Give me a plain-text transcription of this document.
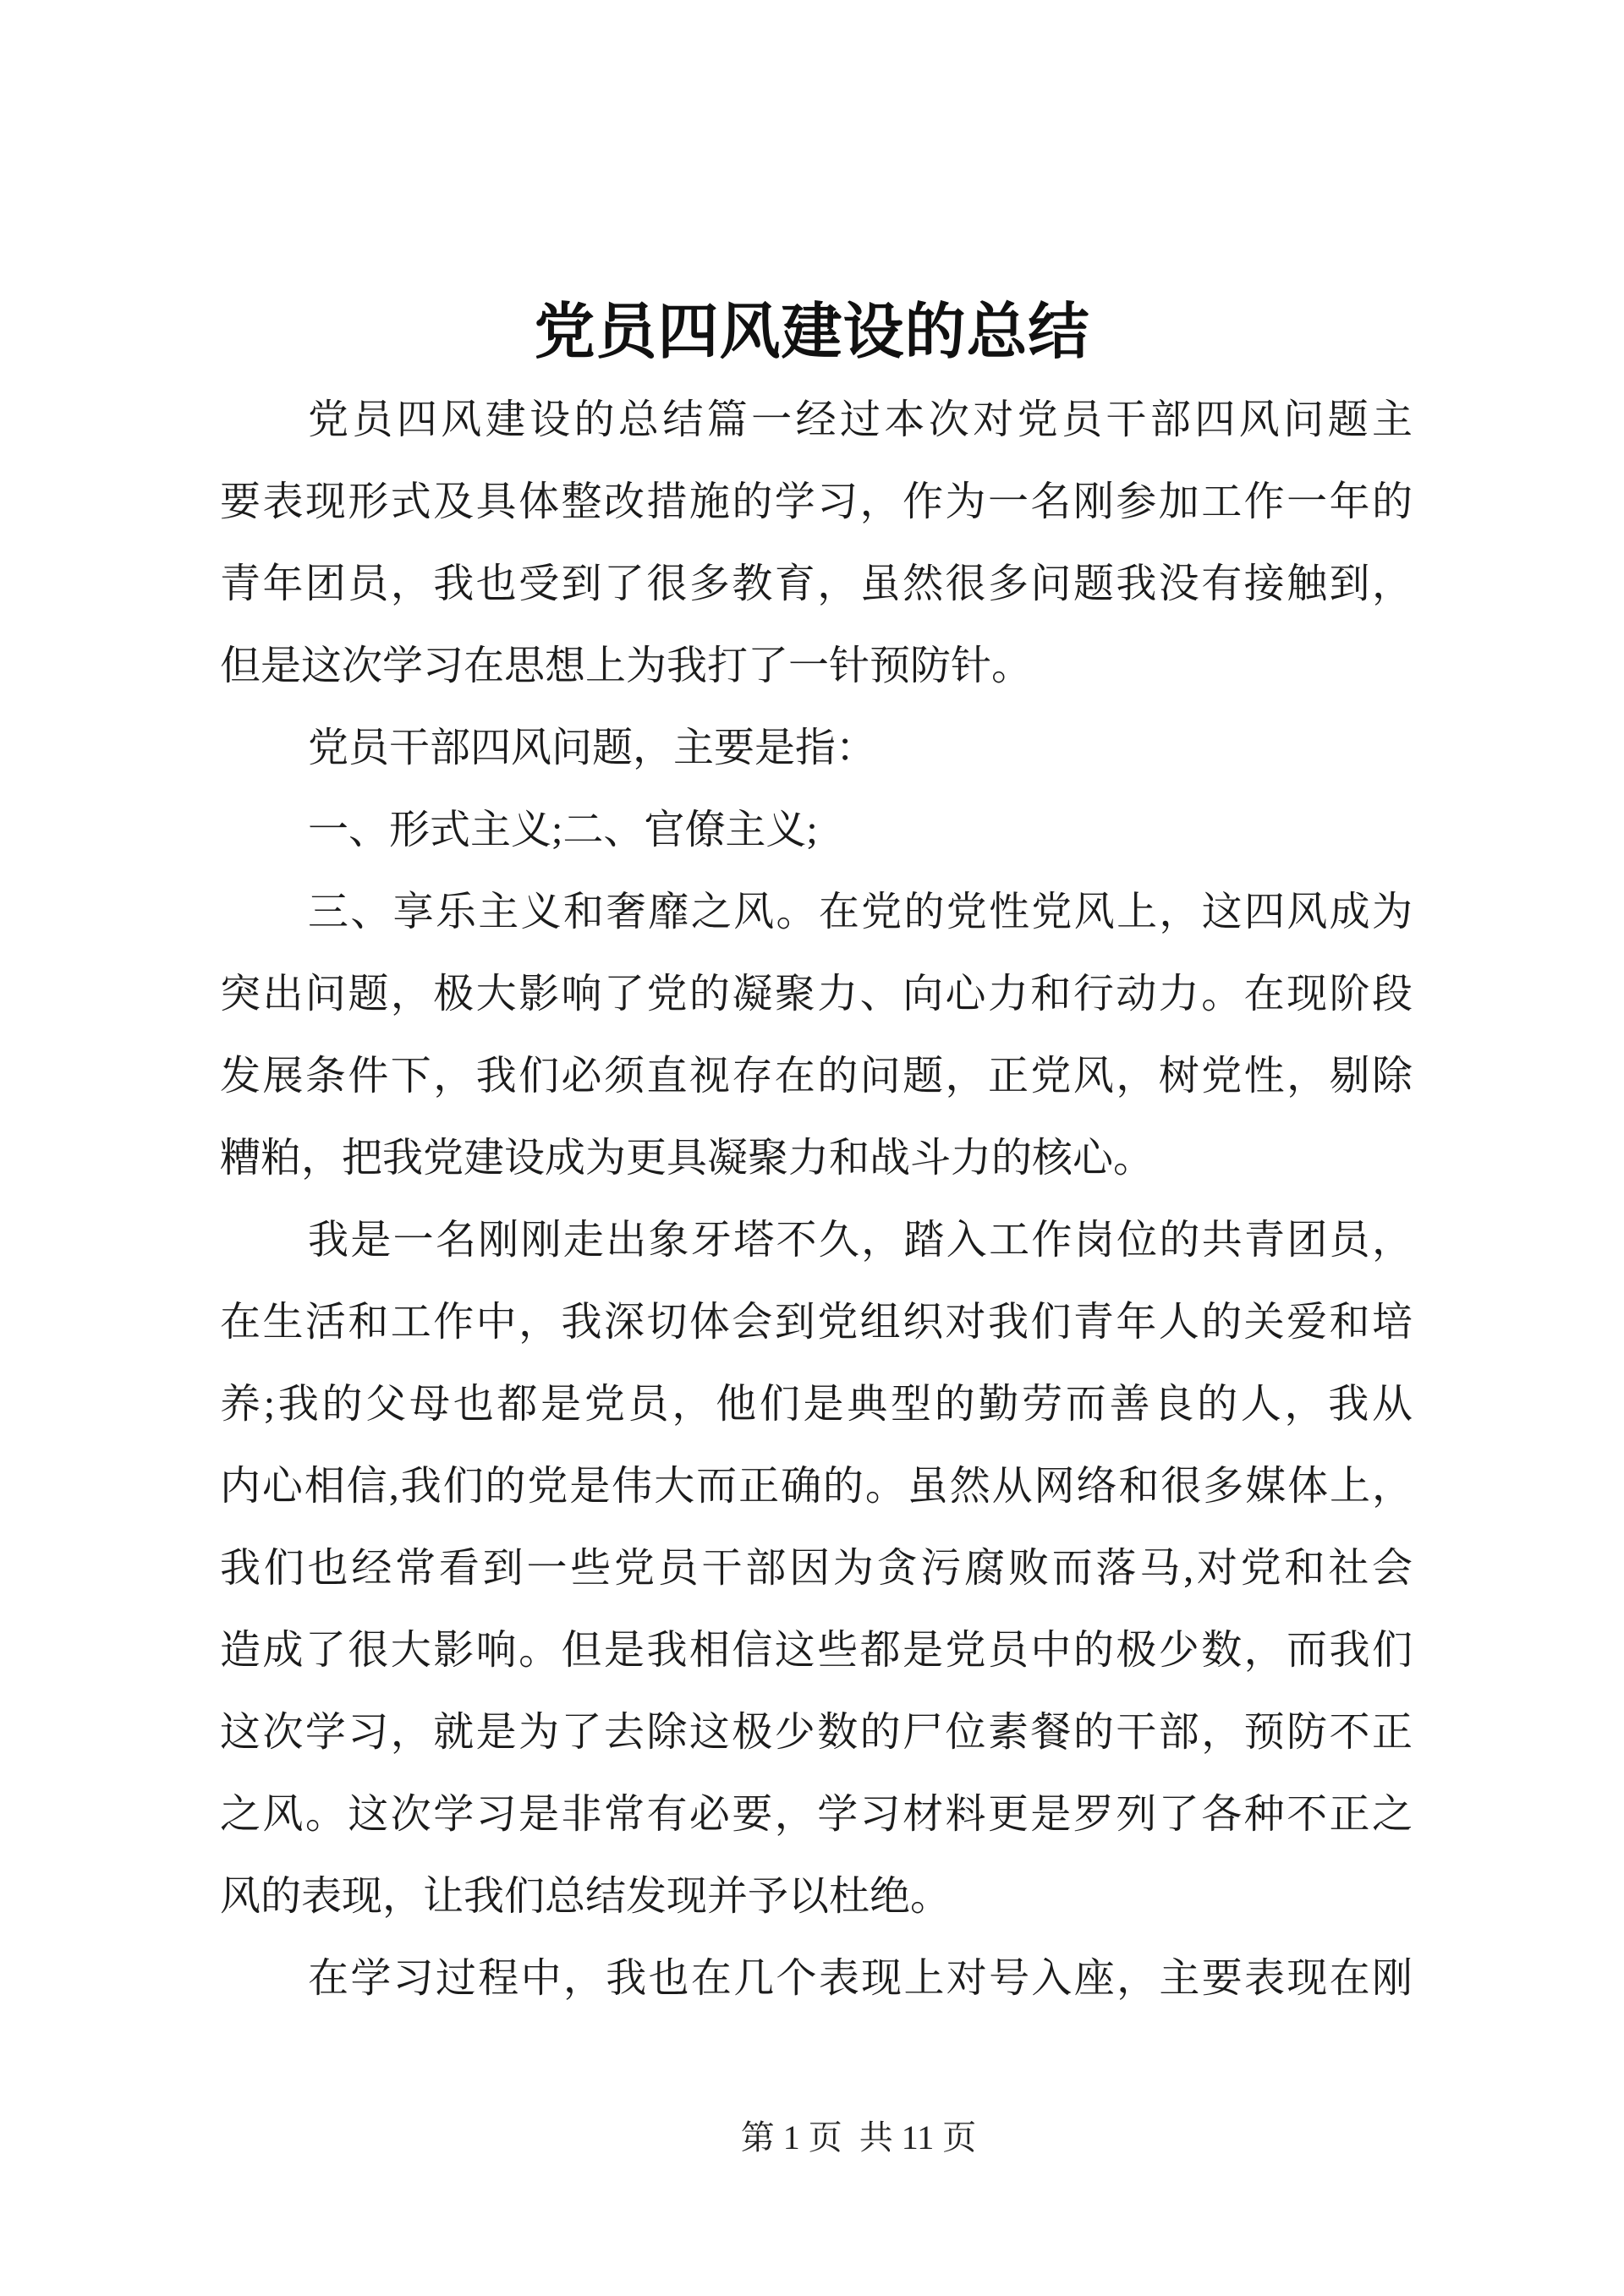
党员四风建设的总结
党员四风建设的总结篇一经过本次对党员干部四风问题主
要表现形式及具体整改措施的学习，作为一名刚参加工作一年的
青年团员，我也受到了很多教育，虽然很多问题我没有接触到，
但是这次学习在思想上为我打了一针预防针。
党员干部四风问题，主要是指：
一、形式主义;二、官僚主义;
三、享乐主义和奢靡之风。在党的党性党风上，这四风成为
突出问题，极大影响了党的凝聚力、向心力和行动力。在现阶段
发展条件下，我们必须直视存在的问题，正党风，树党性，剔除
糟粕，把我党建设成为更具凝聚力和战斗力的核心。
我是一名刚刚走出象牙塔不久，踏入工作岗位的共青团员，
在生活和工作中，我深切体会到党组织对我们青年人的关爱和培
养;我的父母也都是党员，他们是典型的勤劳而善良的人，我从
内心相信,我们的党是伟大而正确的。虽然从网络和很多媒体上，
我们也经常看到一些党员干部因为贪污腐败而落马,对党和社会
造成了很大影响。但是我相信这些都是党员中的极少数，而我们
这次学习，就是为了去除这极少数的尸位素餐的干部，预防不正
之风。这次学习是非常有必要，学习材料更是罗列了各种不正之
风的表现，让我们总结发现并予以杜绝。
在学习过程中，我也在几个表现上对号入座，主要表现在刚
第 1 页  共 11 页
